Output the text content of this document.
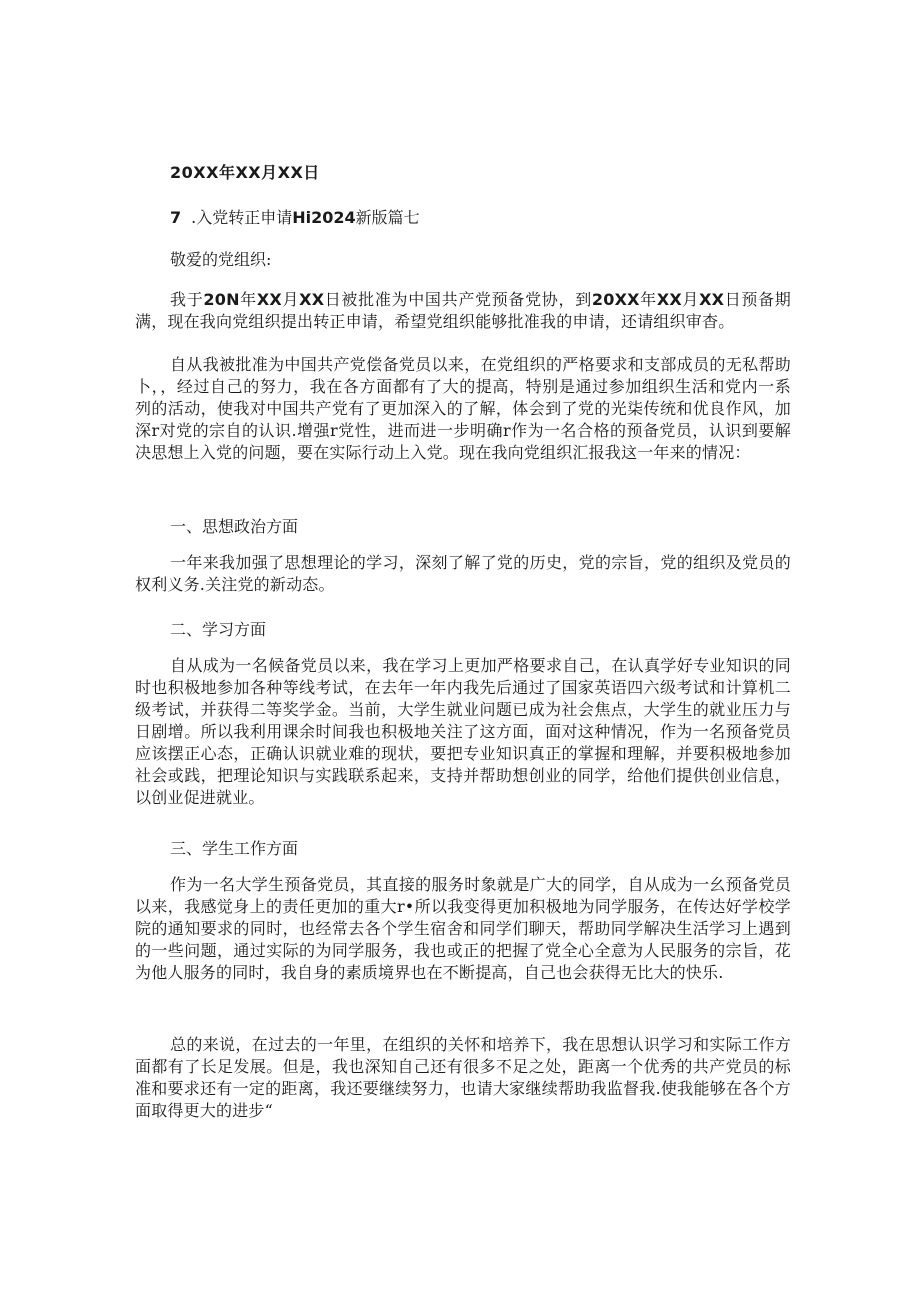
20XX年XX月XX日
7 .入党转正申请Hi2024新版篇七
敬爱的党组织:

我于20N年XX月XX日被批准为中国共产党预备党协，到20XX年XX月XX日预备期满，现在我向党组织提出转正申请，希望党组织能够批准我的申请，还请组织审杳。

自从我被批准为中国共产党偿备党员以来，在党组织的严格要求和支部成员的无私帮助卜，，经过自己的努力，我在各方面都有了大的提高，特别是通过参加组织生活和党内一系列的活动，使我对中国共产党有了更加深入的了解，体会到了党的光柒传统和优良作风，加深r对党的宗自的认识.增强r党性，进而进一步明确r作为一名合格的预备党员，认识到要解决思想上入党的问题，要在实际行动上入党。现在我向党组织汇报我这一年来的情况：

一、思想政治方面

一年来我加强了思想理论的学习，深刻了解了党的历史，党的宗旨，党的组织及党员的权利义务.关注党的新动态。

二、学习方面

自从成为一名候备党员以来，我在学习上更加严格要求自己，在认真学好专业知识的同时也积极地参加各种等线考试，在去年一年内我先后通过了国家英语四六级考试和计算机二级考试，并获得二等奖学金。当前，大学生就业问题已成为社会焦点，大学生的就业压力与日剧增。所以我利用课余时间我也积极地关注了这方面，面对这种情况，作为一名预备党员应该摆正心态，正确认识就业难的现状，要把专业知识真正的掌握和理解，并要积极地参加社会或践，把理论知识与实践联系起来，支持并帮助想创业的同学，给他们提供创业信息，以创业促进就业。

三、学生工作方面

作为一名大学生预备党员，其直接的服务时象就是广大的同学，自从成为一幺预备党员以来，我感觉身上的责任更加的重大r•所以我变得更加积极地为同学服务，在传达好学校学院的通知要求的同时，也经常去各个学生宿舍和同学们聊天，帮助同学解决生活学习上遇到的一些问题，通过实际的为同学服务，我也或正的把握了党全心全意为人民服务的宗旨，花为他人服务的同时，我自身的素质境界也在不断提高，自己也会获得无比大的快乐.

总的来说，在过去的一年里，在组织的关怀和培养下，我在思想认识学习和实际工作方面都有了长足发展。但是，我也深知自己还有很多不足之处，距离一个优秀的共产党员的标准和要求还有一定的距离，我还要继续努力，也请大家继续帮助我监督我.使我能够在各个方面取得更大的进步“
